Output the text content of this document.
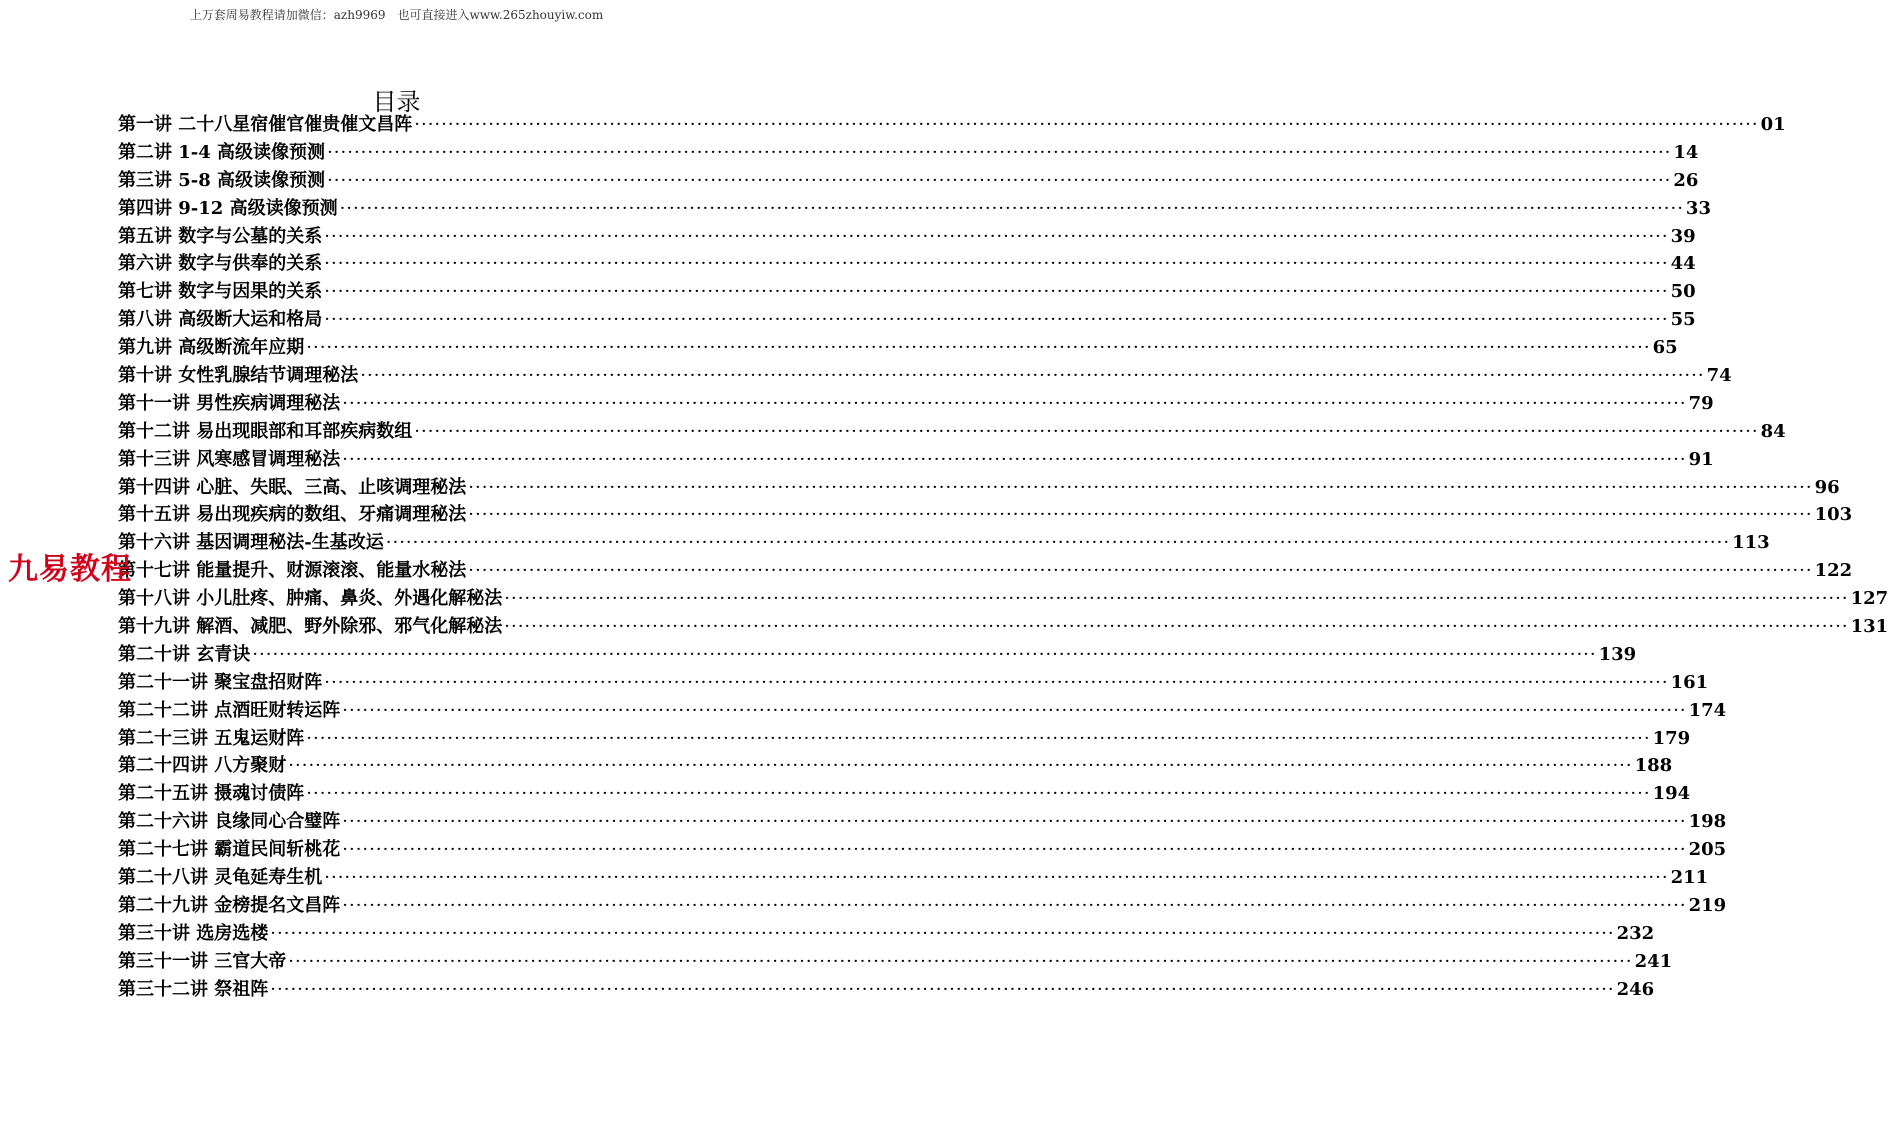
上万套周易教程请加微信：azh9969　也可直接进入www.265zhouyiw.com
目录
第一讲 二十八星宿催官催贵催文昌阵 ········································································································································································································ 01
第二讲 1-4 高级读像预测 ········································································································································································································ 14
第三讲 5-8 高级读像预测 ········································································································································································································ 26
第四讲 9-12 高级读像预测 ········································································································································································································ 33
第五讲 数字与公墓的关系 ········································································································································································································ 39
第六讲 数字与供奉的关系 ········································································································································································································ 44
第七讲 数字与因果的关系 ········································································································································································································ 50
第八讲 高级断大运和格局 ········································································································································································································ 55
第九讲 高级断流年应期 ········································································································································································································ 65
第十讲 女性乳腺结节调理秘法 ········································································································································································································ 74
第十一讲 男性疾病调理秘法 ········································································································································································································ 79
第十二讲 易出现眼部和耳部疾病数组 ········································································································································································································ 84
第十三讲 风寒感冒调理秘法 ········································································································································································································ 91
第十四讲 心脏、失眠、三高、止咳调理秘法 ········································································································································································································ 96
第十五讲 易出现疾病的数组、牙痛调理秘法 ········································································································································································································ 103
第十六讲 基因调理秘法-生基改运 ········································································································································································································ 113
第十七讲 能量提升、财源滚滚、能量水秘法 ········································································································································································································ 122
第十八讲 小儿肚疼、肿痛、鼻炎、外遇化解秘法 ········································································································································································································ 127
第十九讲 解酒、减肥、野外除邪、邪气化解秘法 ········································································································································································································ 131
第二十讲 玄青诀 ········································································································································································································ 139
第二十一讲 聚宝盘招财阵 ········································································································································································································ 161
第二十二讲 点酒旺财转运阵 ········································································································································································································ 174
第二十三讲 五鬼运财阵 ········································································································································································································ 179
第二十四讲 八方聚财 ········································································································································································································ 188
第二十五讲 摄魂讨债阵 ········································································································································································································ 194
第二十六讲 良缘同心合璧阵 ········································································································································································································ 198
第二十七讲 霸道民间斩桃花 ········································································································································································································ 205
第二十八讲 灵龟延寿生机 ········································································································································································································ 211
第二十九讲 金榜提名文昌阵 ········································································································································································································ 219
第三十讲 选房选楼 ········································································································································································································ 232
第三十一讲 三官大帝 ········································································································································································································ 241
第三十二讲 祭祖阵 ········································································································································································································ 246
九易教程
